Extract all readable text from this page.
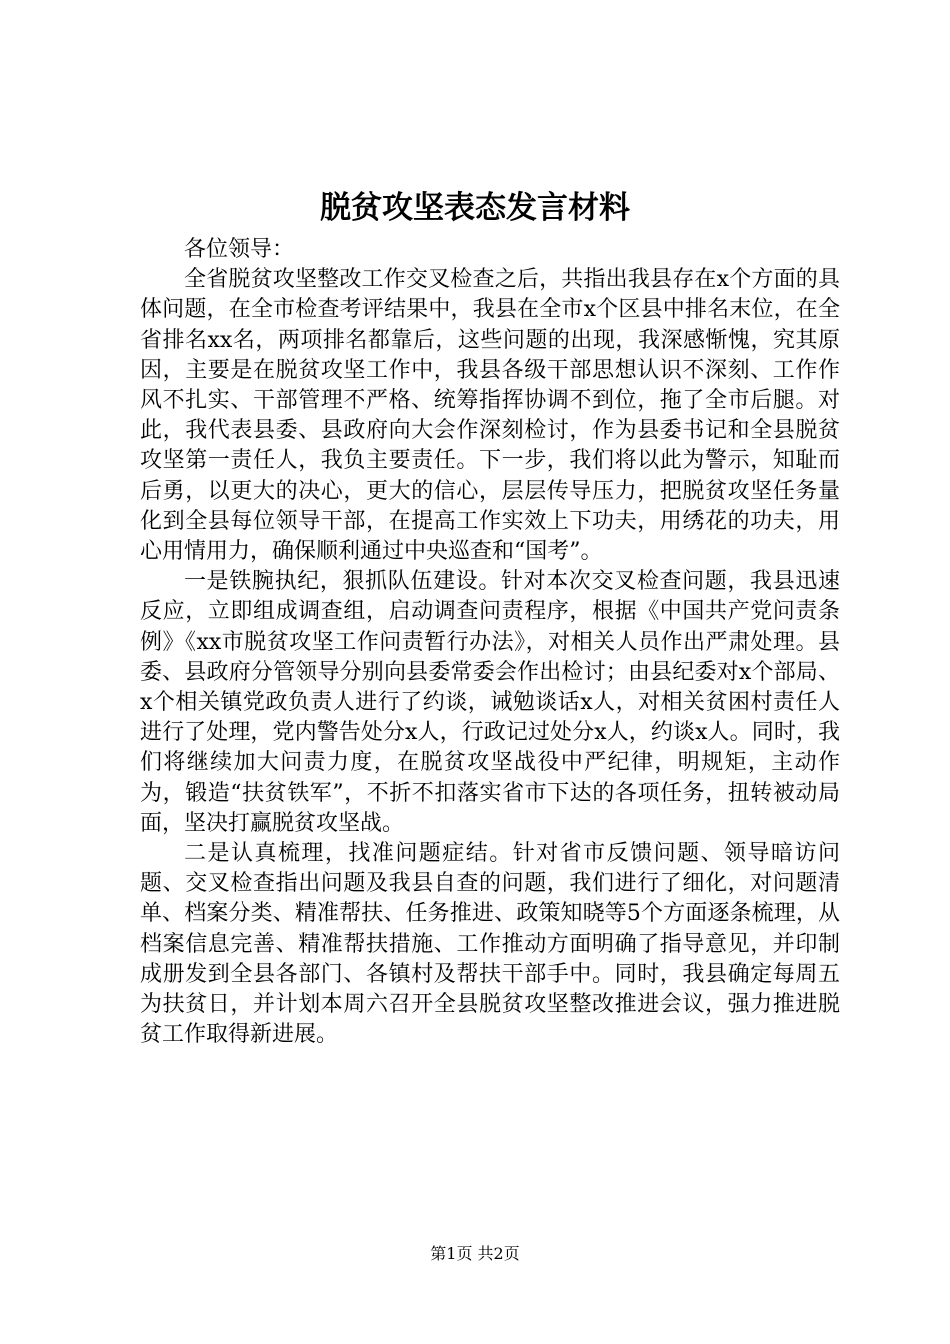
脱贫攻坚表态发言材料

各位领导：

全省脱贫攻坚整改工作交叉检查之后，共指出我县存在x个方面的具体问题，在全市检查考评结果中，我县在全市x个区县中排名末位，在全省排名xx名，两项排名都靠后，这些问题的出现，我深感惭愧，究其原因，主要是在脱贫攻坚工作中，我县各级干部思想认识不深刻、工作作风不扎实、干部管理不严格、统筹指挥协调不到位，拖了全市后腿。对此，我代表县委、县政府向大会作深刻检讨，作为县委书记和全县脱贫攻坚第一责任人，我负主要责任。下一步，我们将以此为警示，知耻而后勇，以更大的决心，更大的信心，层层传导压力，把脱贫攻坚任务量化到全县每位领导干部，在提高工作实效上下功夫，用绣花的功夫，用心用情用力，确保顺利通过中央巡查和“国考”。

一是铁腕执纪，狠抓队伍建设。针对本次交叉检查问题，我县迅速反应，立即组成调查组，启动调查问责程序，根据《中国共产党问责条例》《xx市脱贫攻坚工作问责暂行办法》，对相关人员作出严肃处理。县委、县政府分管领导分别向县委常委会作出检讨；由县纪委对x个部局、x个相关镇党政负责人进行了约谈，诫勉谈话x人，对相关贫困村责任人进行了处理，党内警告处分x人，行政记过处分x人，约谈x人。同时，我们将继续加大问责力度，在脱贫攻坚战役中严纪律，明规矩，主动作为，锻造“扶贫铁军”，不折不扣落实省市下达的各项任务，扭转被动局面，坚决打赢脱贫攻坚战。

二是认真梳理，找准问题症结。针对省市反馈问题、领导暗访问题、交叉检查指出问题及我县自查的问题，我们进行了细化，对问题清单、档案分类、精准帮扶、任务推进、政策知晓等5个方面逐条梳理，从档案信息完善、精准帮扶措施、工作推动方面明确了指导意见，并印制成册发到全县各部门、各镇村及帮扶干部手中。同时，我县确定每周五为扶贫日，并计划本周六召开全县脱贫攻坚整改推进会议，强力推进脱贫工作取得新进展。

第1页 共2页
